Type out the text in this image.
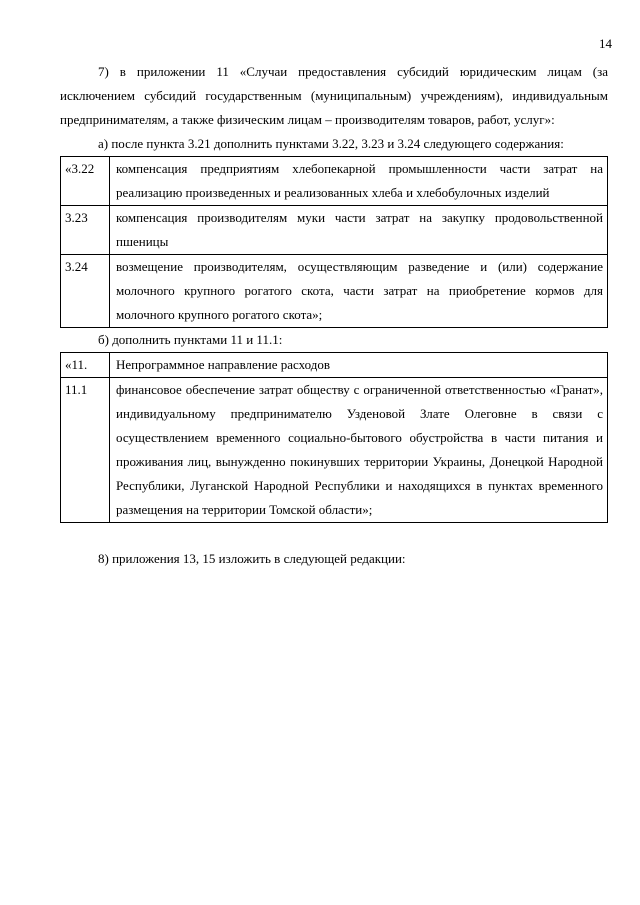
14

7) в приложении 11 «Случаи предоставления субсидий юридическим лицам (за исключением субсидий государственным (муниципальным) учреждениям), индивидуальным предпринимателям, а также физическим лицам – производителям товаров, работ, услуг»:

а) после пункта 3.21 дополнить пунктами 3.22, 3.23 и 3.24 следующего содержания:

«3.22	компенсация предприятиям хлебопекарной промышленности части затрат на реализацию произведенных и реализованных хлеба и хлебобулочных изделий
3.23	компенсация производителям муки части затрат на закупку продовольственной пшеницы
3.24	возмещение производителям, осуществляющим разведение и (или) содержание молочного крупного рогатого скота, части затрат на приобретение кормов для молочного крупного рогатого скота»;

б) дополнить пунктами 11 и 11.1:

«11.	Непрограммное направление расходов
11.1	финансовое обеспечение затрат обществу с ограниченной ответственностью «Гранат», индивидуальному предпринимателю Узденовой Злате Олеговне в связи с осуществлением временного социально-бытового обустройства в части питания и проживания лиц, вынужденно покинувших территории Украины, Донецкой Народной Республики, Луганской Народной Республики и находящихся в пунктах временного размещения на территории Томской области»;

8) приложения 13, 15 изложить в следующей редакции:
